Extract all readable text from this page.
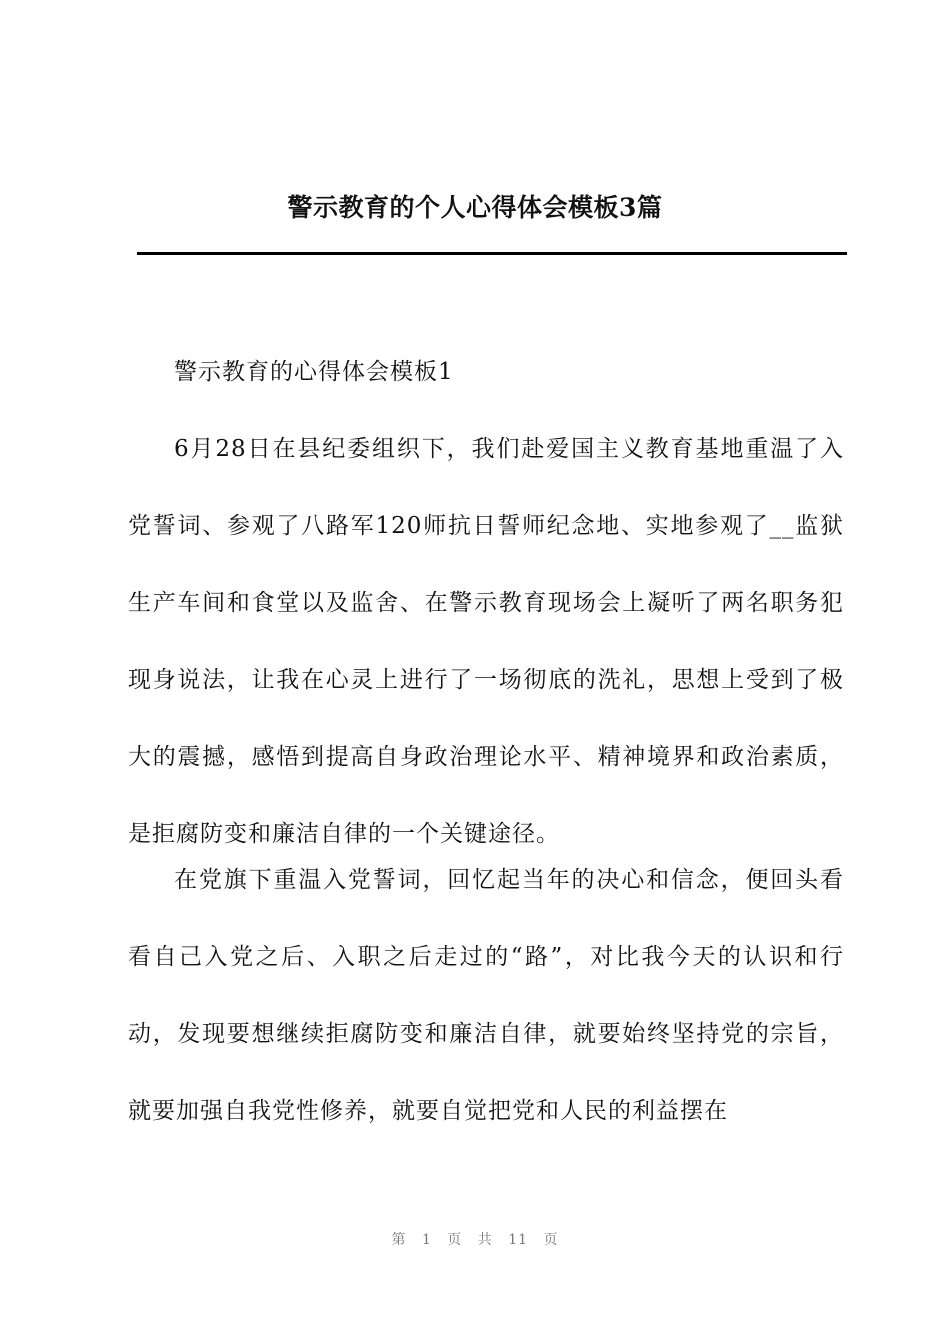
警示教育的个人心得体会模板3篇
警示教育的心得体会模板1
6月28日在县纪委组织下，我们赴爱国主义教育基地重温了入党誓词、参观了八路军120师抗日誓师纪念地、实地参观了__监狱生产车间和食堂以及监舍、在警示教育现场会上凝听了两名职务犯现身说法，让我在心灵上进行了一场彻底的洗礼，思想上受到了极大的震撼，感悟到提高自身政治理论水平、精神境界和政治素质，是拒腐防变和廉洁自律的一个关键途径。
在党旗下重温入党誓词，回忆起当年的决心和信念，便回头看看自己入党之后、入职之后走过的“路”，对比我今天的认识和行动，发现要想继续拒腐防变和廉洁自律，就要始终坚持党的宗旨，就要加强自我党性修养，就要自觉把党和人民的利益摆在
第 1 页 共 11 页
